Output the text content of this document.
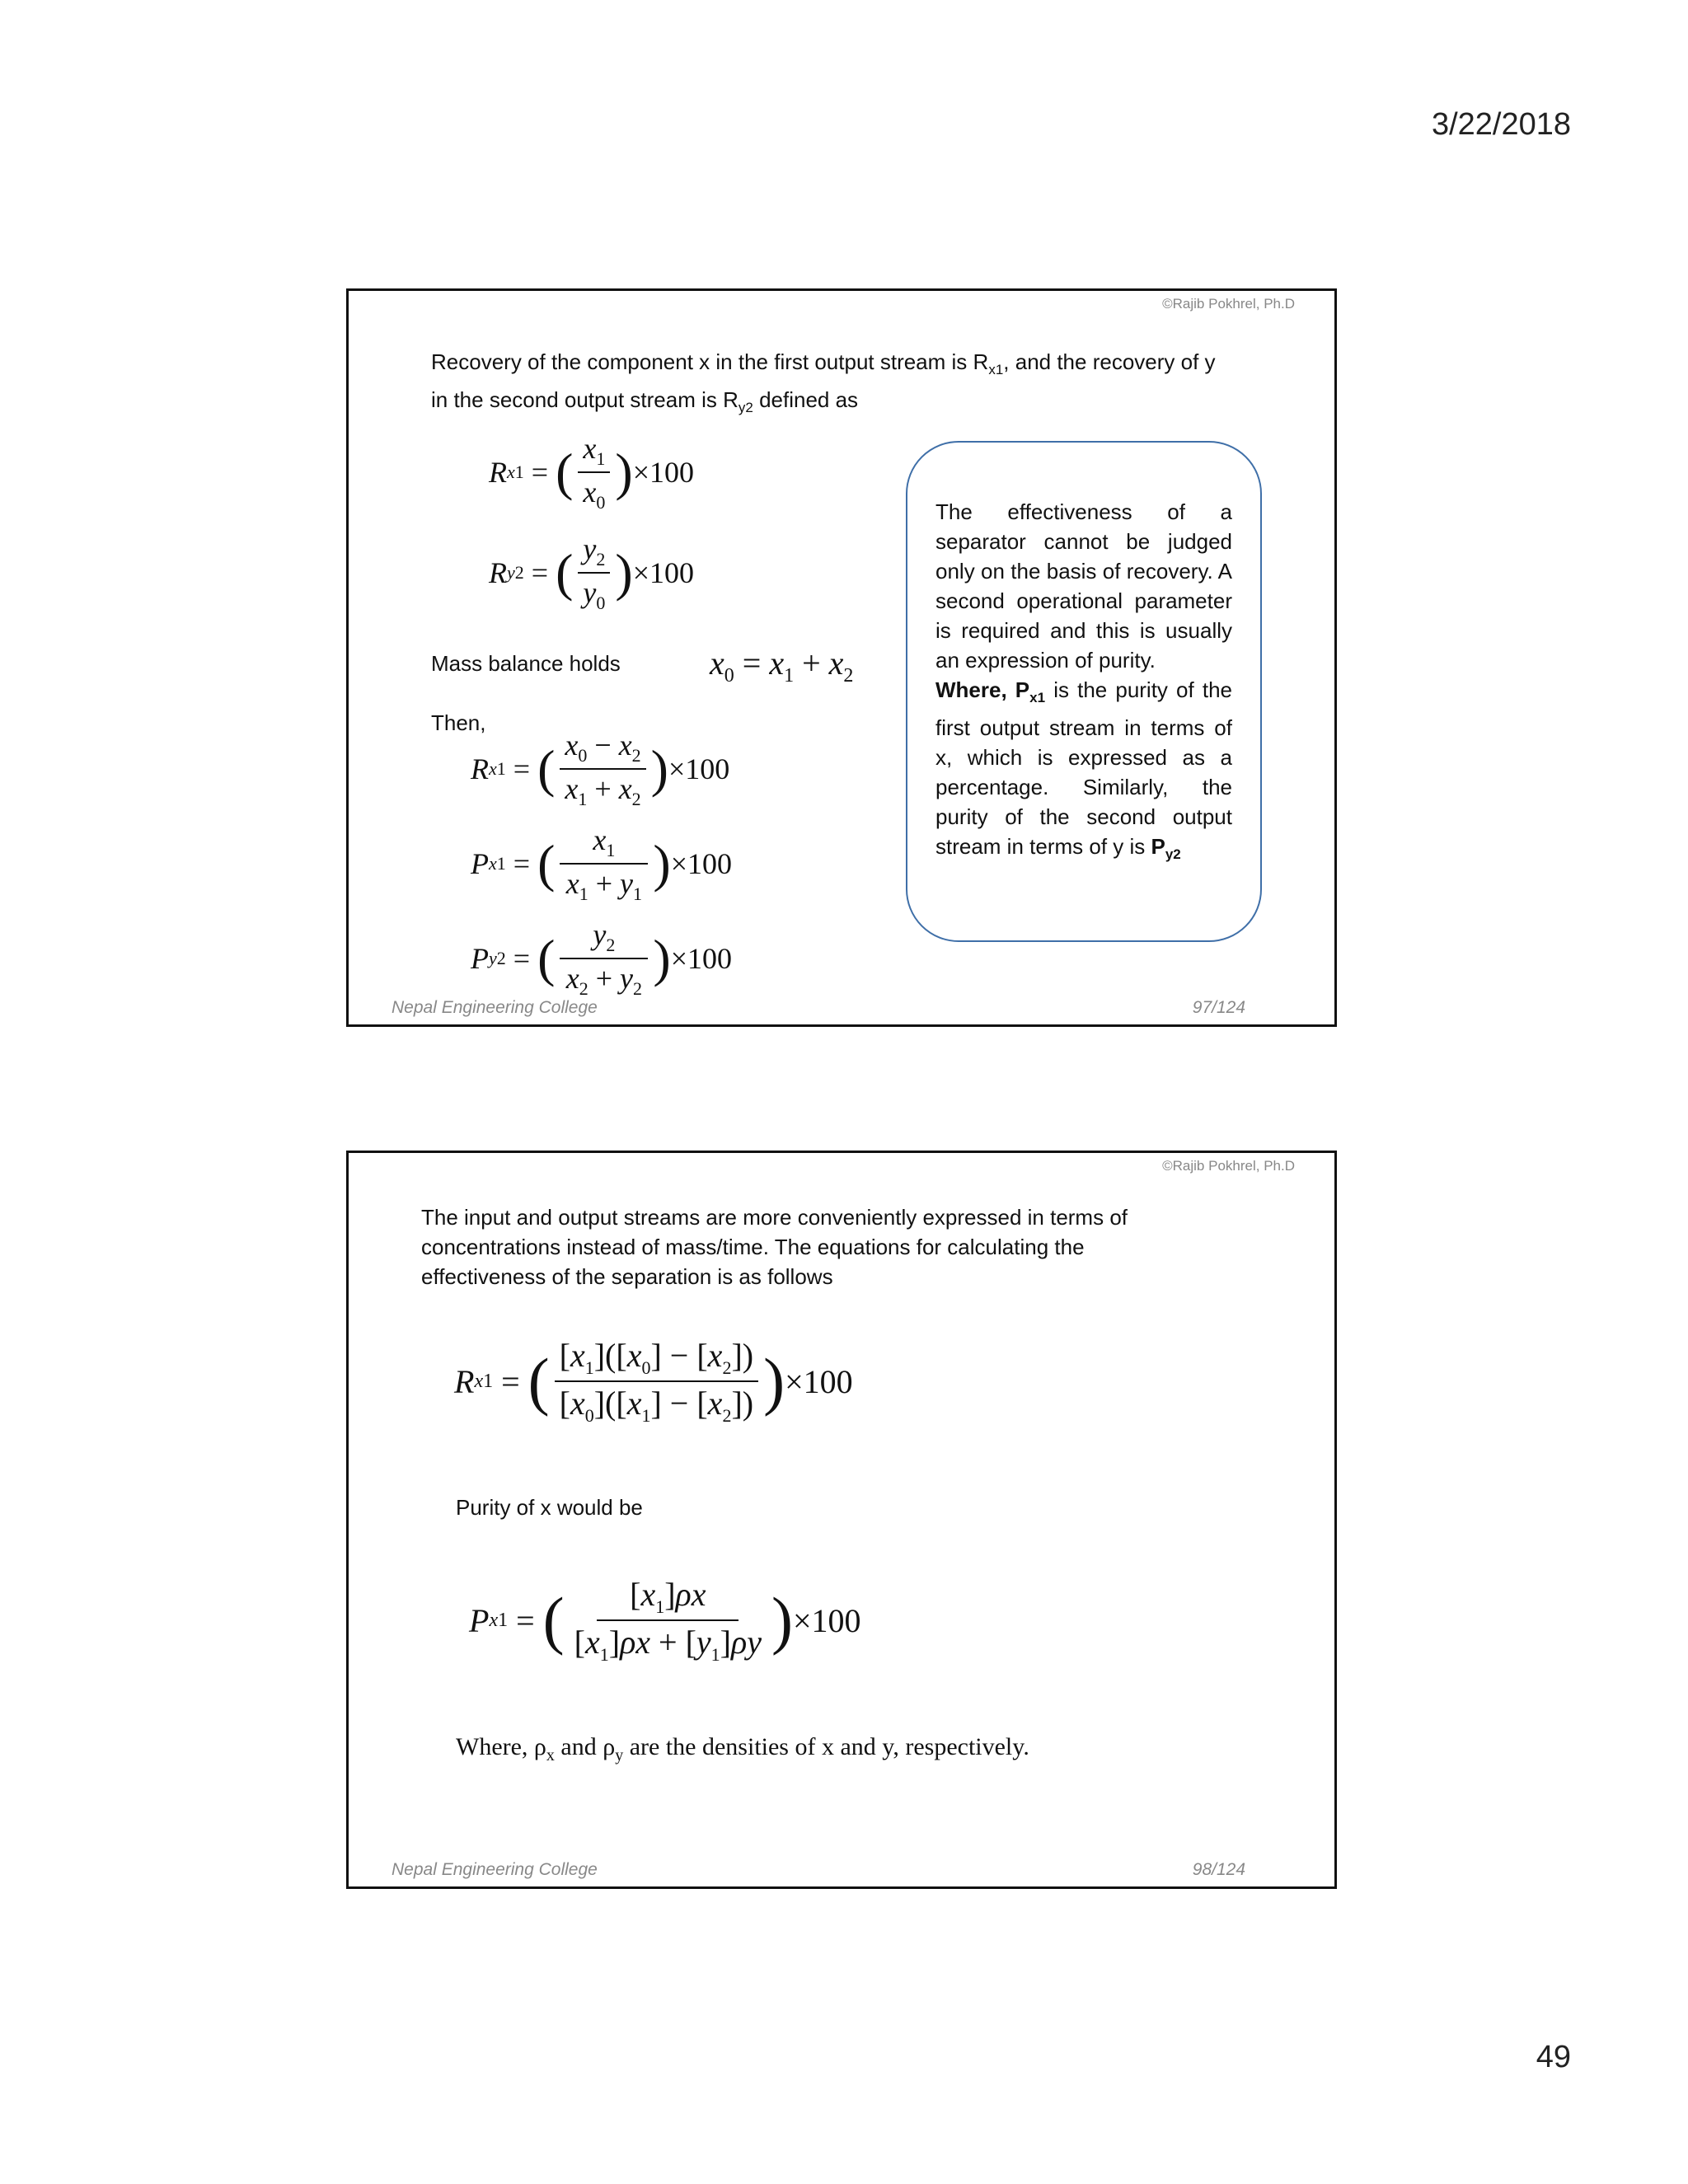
3/22/2018
©Rajib Pokhrel, Ph.D
Recovery of the component x in the first output stream is $R_{x1}$, and the recovery of y
in the second output stream is $R_{y2}$ defined as
R x1 = ( $\frac{x_1}{x_0}$ ) ×100
R y2 = ( $\frac{y_2}{y_0}$ ) ×100
Mass balance holds	$x_0 = x_1 + x_2$
Then,
R x1 = ( $\frac{x_0 - x_2}{x_1 + x_2}$ ) ×100
P x1 = ( $\frac{x_1}{x_1 + y_1}$ ) ×100
P y2 = ( $\frac{y_2}{x_2 + y_2}$ ) ×100
The effectiveness of a separator cannot be judged only on the basis of recovery. A second operational parameter is required and this is usually an expression of purity.
Where, $P_{x1}$ is the purity of the first output stream in terms of x, which is expressed as a percentage. Similarly, the purity of the second output stream in terms of y is $P_{y2}$
Nepal Engineering College	97/124
©Rajib Pokhrel, Ph.D
The input and output streams are more conveniently expressed in terms of concentrations instead of mass/time. The equations for calculating the effectiveness of the separation is as follows
R x1 = ( $\frac{[x_1]([x_0] - [x_2])}{[x_0]([x_1] - [x_2])}$ ) ×100
Purity of x would be
P x1 = ( $\frac{[x_1]\rho x}{[x_1]\rho x + [y_1]\rho y}$ ) ×100
Where, $\rho_x$ and $\rho_y$ are the densities of x and y, respectively.
Nepal Engineering College	98/124
49
